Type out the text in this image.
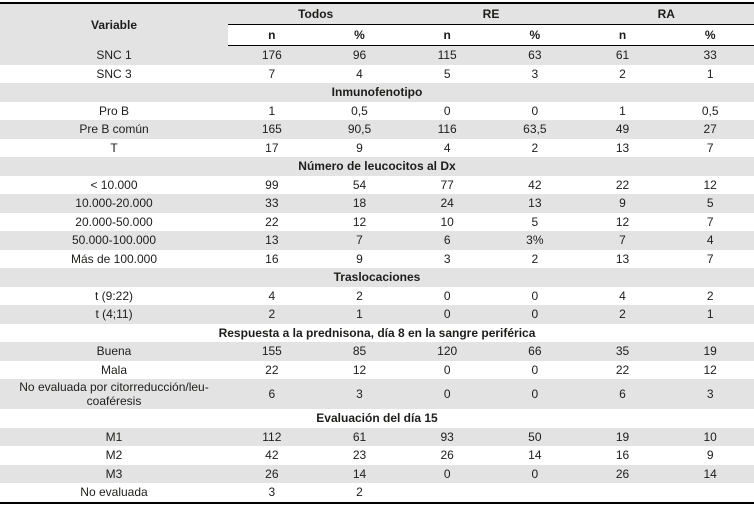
Variable
Todos	RE	RA
n	%	n	%	n	%
SNC 1	176	96	115	63	61	33
SNC 3	7	4	5	3	2	1
Inmunofenotipo
Pro B	1	0,5	0	0	1	0,5
Pre B común	165	90,5	116	63,5	49	27
T	17	9	4	2	13	7
Número de leucocitos al Dx
< 10.000	99	54	77	42	22	12
10.000-20.000	33	18	24	13	9	5
20.000-50.000	22	12	10	5	12	7
50.000-100.000	13	7	6	3%	7	4
Más de 100.000	16	9	3	2	13	7
Traslocaciones
t (9:22)	4	2	0	0	4	2
t (4;11)	2	1	0	0	2	1
Respuesta a la prednisona, día 8 en la sangre periférica
Buena	155	85	120	66	35	19
Mala	22	12	0	0	22	12
No evaluada por citorreducción/leu-coaféresis	6	3	0	0	6	3
Evaluación del día 15
M1	112	61	93	50	19	10
M2	42	23	26	14	16	9
M3	26	14	0	0	26	14
No evaluada	3	2
